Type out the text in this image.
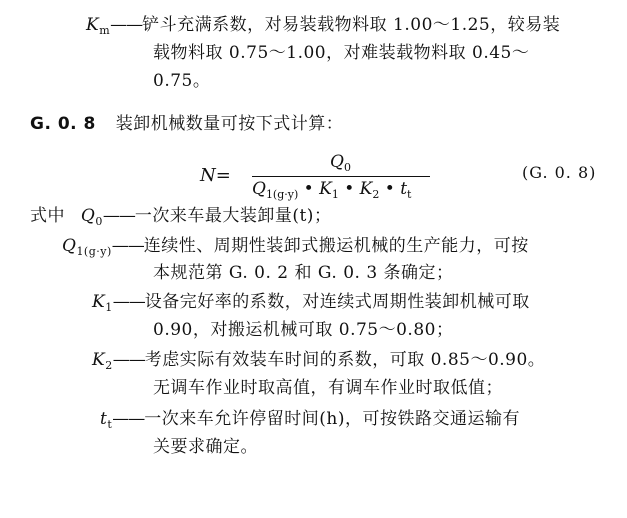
$K_m——$铲斗充满系数，对易装载物料取 1.00～1.25，较易装
载物料取 0.75～1.00，对难装载物料取 0.45～
0.75。
G. 0. 8 装卸机械数量可按下式计算：
N=
$Q_0$
$Q_{1(g\cdot y)}$ • $K_1$ • $K_2$ • $t_t$
(G. 0. 8)
式中 $Q_0——$一次来车最大装卸量(t)；
$Q_{1(g\cdot y)}——$连续性、周期性装卸式搬运机械的生产能力，可按
本规范第 G. 0. 2 和 G. 0. 3 条确定；
$K_1——$设备完好率的系数，对连续式周期性装卸机械可取
0.90，对搬运机械可取 0.75～0.80；
$K_2——$考虑实际有效装车时间的系数，可取 0.85～0.90。
无调车作业时取高值，有调车作业时取低值；
$t_t——$一次来车允许停留时间(h)，可按铁路交通运输有
关要求确定。
